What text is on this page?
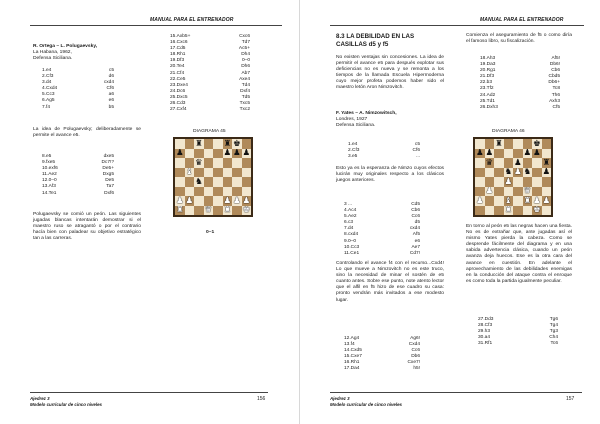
MANUAL PARA EL ENTRENADOR
R. Ortega – L. Polugaevsky,
La Habana, 1962,
Defensa Siciliana.
1.e4	c5
2.Cf3	d6
3.d4	cxd4
4.Cxd4	Cf6
5.Cc3	a6
6.Ag5	e6
7.f4	b5
La idea de Polugaevsky; deliberadamente se permite el avance e5.
8.e5	dxe5
9.fxe5	Dc7!?
10.exf6	De5+
11.Ae2	Dxg5
12.0–0	De5
13.Af3	Ta7
14.Te1	Dxf6
Polugaevsky se comió un peón. Las siguientes jugadas blancas intentarán demostrar si el maestro ruso se atragantó o por el contrario hacía bien con paladear su objetivo estratégico tan a las carreras.
15.Axb5+	Cxc6
16.Cxc6	Td7
17.Cd5	Ac5+
18.Rh1	Dh4
19.Df3	0–0
20.Te4	Dh6
21.Cf4	Ab7
22.Ce5	Axe4
23.Dxe4	Td4
24.Dc6	Dxf4
25.Dxc5	Td5
26.Cd3	Txc5
27.Cxf4	Txc2
DIAGRAMA 45
♜ ♜ ♚
♟	♟ ♟ ♟
♛
♝
♞
♟ ♟	♟ ♟ ♟
♜ ♛ ♜ ♚
0–1
Ajedrez 3
Modelo curricular de cinco niveles
156
MANUAL PARA EL ENTRENADOR
8.3 LA DEBILIDAD EN LAS
CASILLAS d5 y f5
No existen ventajas sin concesiones. La idea de permitir el avance e5 para después explotar sus deficiencias no es nueva y se remonta a los tiempos de la llamada Escuela Hipermoderna cuyo mejor profeta podemos haber sido el maestro letón Aron Nimzovitch.
F. Yates – A. Nimzowitsch,
Londres, 1927
Defensa Siciliana.
1.e4	c5
2.Cf3	Cf6
3.e5	...
Esto ya es la esperanza de Nimzo cuyos efectos lucirán muy originales respecto a los clásicos juegos anteriores.
3 ...	Cd5
4.Ac4	Cb6
5.Ae2	Cc6
6.c3	d5
7.d4	cxd4
8.cxd4	Af5
9.0–0	e6
10.Cc3	Ae7
11.Ce1	Cd7!
Controlando el avance f4 con el recurso...Cxd4! Lo que mueve a Nimzovitch no es este truco, sino la necesidad de minar el sostén de e5 cuanto antes. Sobre ese punto, note atento lector que el alfil en f5 hizo de ese cuadro su casa: pronto vendrán más invitados a ese modesto lugar.
12.Ag4	Ag6!
13.f4	Cxd4
14.Cxd5	Cc6
15.Cxe7	Db6
16.Rh1	Cxe7!
17.Da4	h5!
Comienza el aseguramiento de f5 o como diría el famoso libro, su fiscalización.
18.Ah3	Af5!
19.Da3	Db6!
20.Rg1	Cb6
21.Df3	Cbd5
22.b3	Db6+
23.Tf2	Tc8
24.Ad2	Th6
25.Td1	Axh3
26.Dxh3	Cf5
DIAGRAMA 46
♜	♚
♟ ♟	♟ ♟
♛ ♟ ♜
♞ ♟ ♞ ♟
♟
♟	♛
♟ ♝ ♜ ♟ ♟
♜ ♚
En torno al peón e5 las negras hacen una fiesta. No es de extrañar que, ante jugadas así el mismo Yates pierda la cabeza. Como se desprende fácilmente del diagrama y en una sabida advertencia clásica, cuando un peón avanza deja huecos. Ese es la otra cara del avance en cuestión. En adelante el aprovechamiento de las debilidades enemigas en la conducción del ataque contra el enroque es como toda la partida igualmente peculiar.
27.Dd3	Tg6
28.Cf3	Tg4
29.h3	Tg3
30.a4	Ch4
31.Rf1	Tc6
Ajedrez 3
Modelo curricular de cinco niveles
157
